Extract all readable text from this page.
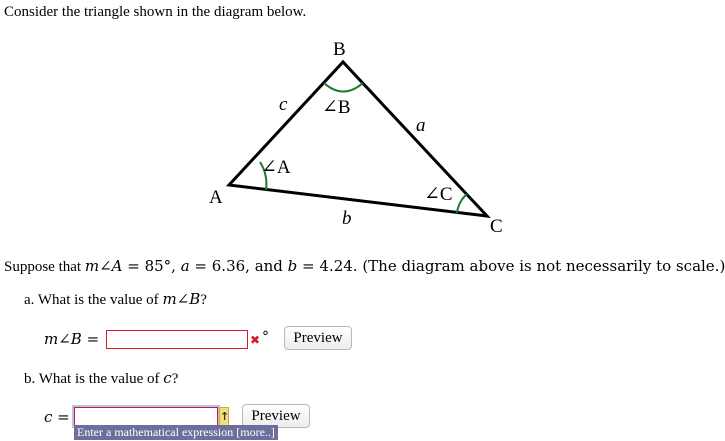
Consider the triangle shown in the diagram below.
B
A
C
c
a
b
∠B
∠A
∠C
Suppose that m∠A = 85°, a = 6.36, and b = 4.24. (The diagram above is not necessarily to scale.)
a. What is the value of m∠B?
m∠B =	✖ °	Preview
b. What is the value of c?
c =	↑	Preview
Enter a mathematical expression [more..]
